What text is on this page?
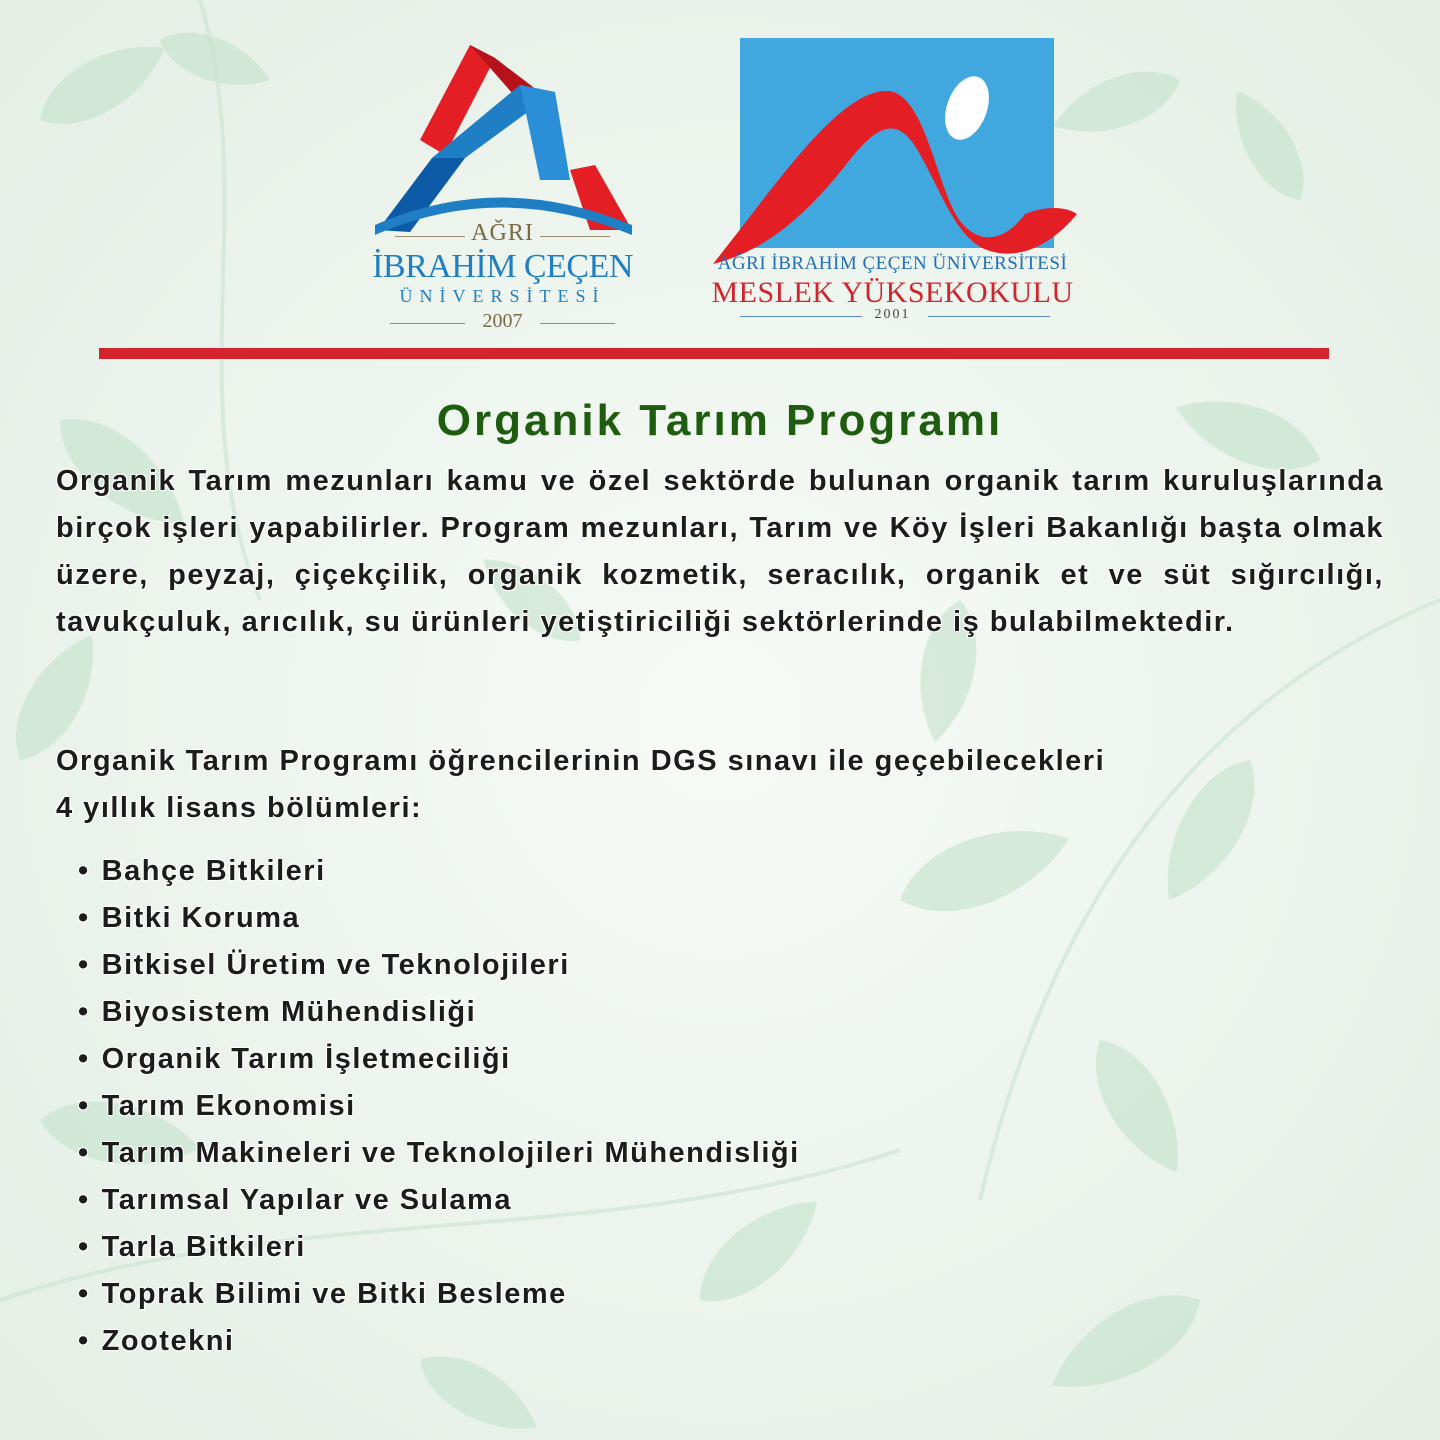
AĞRI
İBRAHİM ÇEÇEN
ÜNİVERSİTESİ
2007
AĞRI İBRAHİM ÇEÇEN ÜNİVERSİTESİ
MESLEK YÜKSEKOKULU
2001
Organik Tarım Programı

Organik Tarım mezunları kamu ve özel sektörde bulunan organik tarım kuruluşlarında birçok işleri yapabilirler. Program mezunları, Tarım ve Köy İşleri Bakanlığı başta olmak üzere, peyzaj, çiçekçilik, organik kozmetik, seracılık, organik et ve süt sığırcılığı, tavukçuluk, arıcılık, su ürünleri yetiştiriciliği sektörlerinde iş bulabilmektedir.

Organik Tarım Programı öğrencilerinin DGS sınavı ile geçebilecekleri
4 yıllık lisans bölümleri:

• Bahçe Bitkileri
• Bitki Koruma
• Bitkisel Üretim ve Teknolojileri
• Biyosistem Mühendisliği
• Organik Tarım İşletmeciliği
• Tarım Ekonomisi
• Tarım Makineleri ve Teknolojileri Mühendisliği
• Tarımsal Yapılar ve Sulama
• Tarla Bitkileri
• Toprak Bilimi ve Bitki Besleme
• Zootekni
